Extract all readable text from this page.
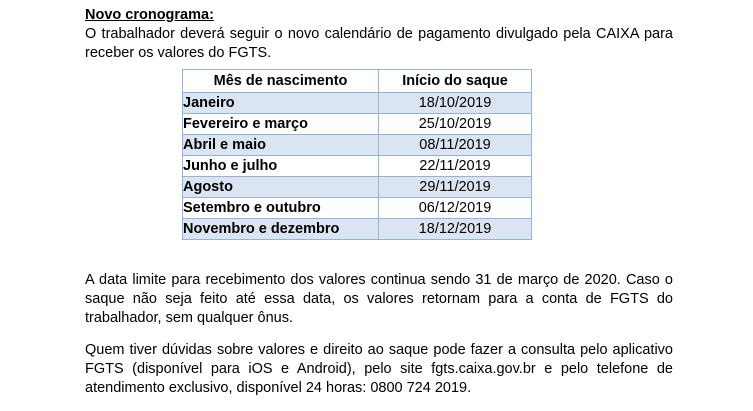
Novo cronograma:

O trabalhador deverá seguir o novo calendário de pagamento divulgado pela CAIXA para receber os valores do FGTS.

Mês de nascimento	Início do saque
Janeiro	18/10/2019
Fevereiro e março	25/10/2019
Abril e maio	08/11/2019
Junho e julho	22/11/2019
Agosto	29/11/2019
Setembro e outubro	06/12/2019
Novembro e dezembro	18/12/2019

A data limite para recebimento dos valores continua sendo 31 de março de 2020. Caso o saque não seja feito até essa data, os valores retornam para a conta de FGTS do trabalhador, sem qualquer ônus.

Quem tiver dúvidas sobre valores e direito ao saque pode fazer a consulta pelo aplicativo FGTS (disponível para iOS e Android), pelo site fgts.caixa.gov.br e pelo telefone de atendimento exclusivo, disponível 24 horas: 0800 724 2019.
